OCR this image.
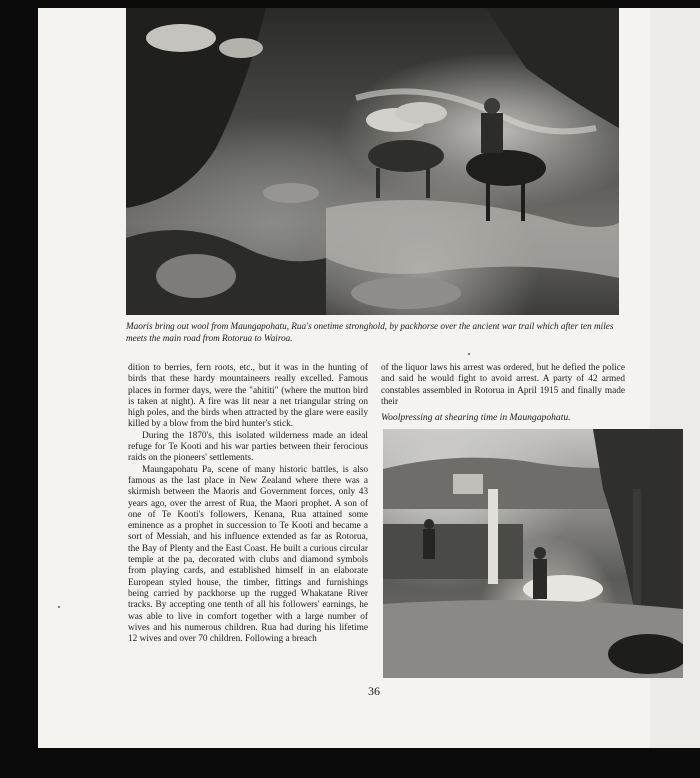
Maoris bring out wool from Maungapohatu, Rua's onetime stronghold, by packhorse over the ancient war trail which after ten miles meets the main road from Rotorua to Wairoa.

dition to berries, fern roots, etc., but it was in the hunting of birds that these hardy mountaineers really excelled. Famous places in former days, were the "ahititi" (where the mutton bird is taken at night). A fire was lit near a net triangular string on high poles, and the birds when attracted by the glare were easily killed by a blow from the bird hunter's stick.

During the 1870's, this isolated wilderness made an ideal refuge for Te Kooti and his war parties between their ferocious raids on the pioneers' settlements.

Maungapohatu Pa, scene of many historic battles, is also famous as the last place in New Zealand where there was a skirmish between the Maoris and Government forces, only 43 years ago, over the arrest of Rua, the Maori prophet. A son of one of Te Kooti's followers, Kenana, Rua attained some eminence as a prophet in succession to Te Kooti and became a sort of Messiah, and his influence extended as far as Rotorua, the Bay of Plenty and the East Coast. He built a curious circular temple at the pa, decorated with clubs and diamond symbols from playing cards, and established himself in an elaborate European styled house, the timber, fittings and furnishings being carried by packhorse up the rugged Whakatane River tracks. By accepting one tenth of all his followers' earnings, he was able to live in comfort together with a large number of wives and his numerous children. Rua had during his lifetime 12 wives and over 70 children. Following a breach

of the liquor laws his arrest was ordered, but he defied the police and said he would fight to avoid arrest. A party of 42 armed constables assembled in Rotorua in April 1915 and finally made their

Woolpressing at shearing time in Maungapohatu.

36
